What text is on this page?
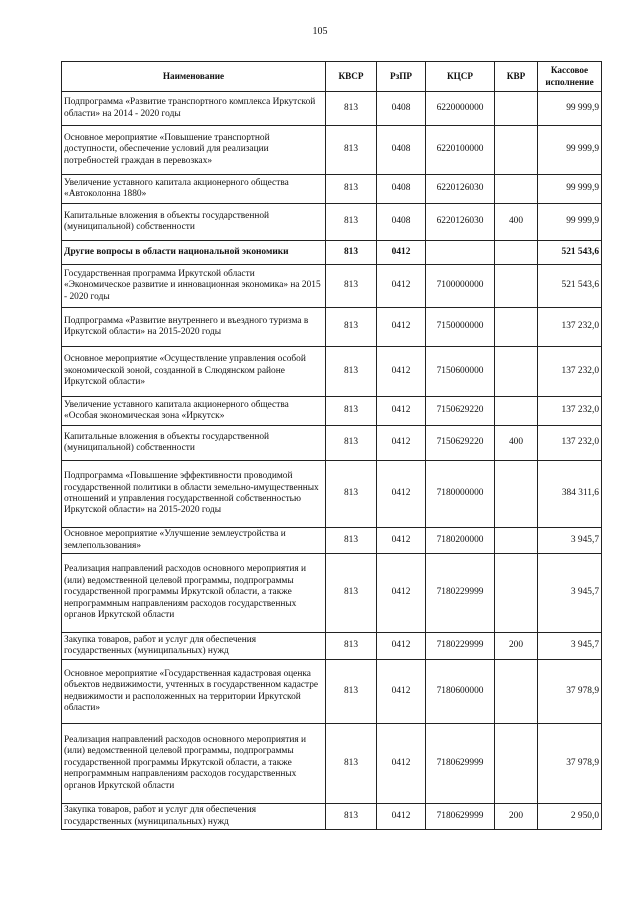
105
Наименование	КВСР	РзПР	КЦСР	КВР	Кассовое исполнение
Подпрограмма «Развитие транспортного комплекса Иркутской области» на 2014 - 2020 годы	813	0408	6220000000		99 999,9
Основное мероприятие «Повышение транспортной доступности, обеспечение условий для реализации потребностей граждан в перевозках»	813	0408	6220100000		99 999,9
Увеличение уставного капитала акционерного общества «Автоколонна 1880»	813	0408	6220126030		99 999,9
Капитальные вложения в объекты государственной (муниципальной) собственности	813	0408	6220126030	400	99 999,9
Другие вопросы в области национальной экономики	813	0412			521 543,6
Государственная программа Иркутской области «Экономическое развитие и инновационная экономика» на 2015 - 2020 годы	813	0412	7100000000		521 543,6
Подпрограмма «Развитие внутреннего и въездного туризма в Иркутской области» на 2015-2020 годы	813	0412	7150000000		137 232,0
Основное мероприятие «Осуществление управления особой экономической зоной, созданной в Слюдянском районе Иркутской области»	813	0412	7150600000		137 232,0
Увеличение уставного капитала акционерного общества «Особая экономическая зона «Иркутск»	813	0412	7150629220		137 232,0
Капитальные вложения в объекты государственной (муниципальной) собственности	813	0412	7150629220	400	137 232,0
Подпрограмма «Повышение эффективности проводимой государственной политики в области земельно-имущественных отношений и управления государственной собственностью Иркутской области» на 2015-2020 годы	813	0412	7180000000		384 311,6
Основное мероприятие «Улучшение землеустройства и землепользования»	813	0412	7180200000		3 945,7
Реализация направлений расходов основного мероприятия и (или) ведомственной целевой программы, подпрограммы государственной программы Иркутской области, а также непрограммным направлениям расходов государственных органов Иркутской области	813	0412	7180229999		3 945,7
Закупка товаров, работ и услуг для обеспечения государственных (муниципальных) нужд	813	0412	7180229999	200	3 945,7
Основное мероприятие «Государственная кадастровая оценка объектов недвижимости, учтенных в государственном кадастре недвижимости и расположенных на территории Иркутской области»	813	0412	7180600000		37 978,9
Реализация направлений расходов основного мероприятия и (или) ведомственной целевой программы, подпрограммы государственной программы Иркутской области, а также непрограммным направлениям расходов государственных органов Иркутской области	813	0412	7180629999		37 978,9
Закупка товаров, работ и услуг для обеспечения государственных (муниципальных) нужд	813	0412	7180629999	200	2 950,0
